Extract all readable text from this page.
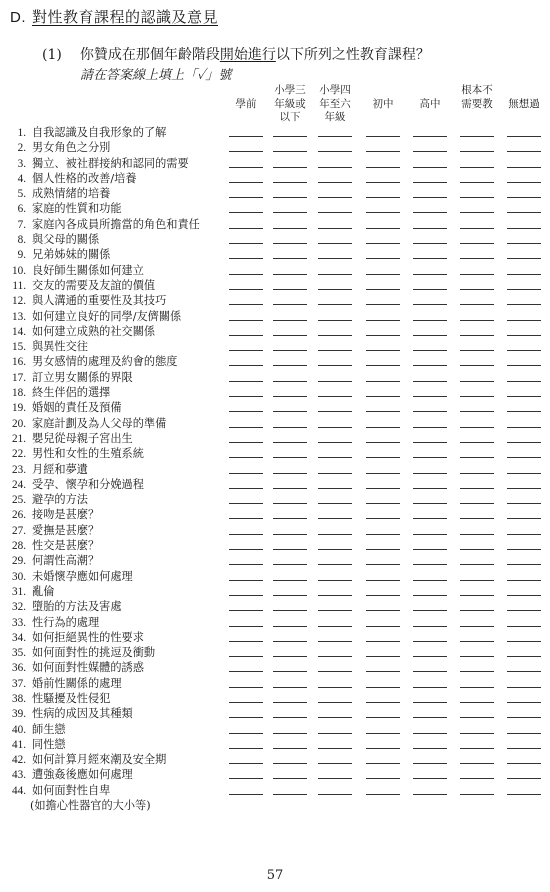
D. 對性教育課程的認識及意見
(1) 你贊成在那個年齡階段開始進行以下所列之性教育課程？
請在答案線上填上「✓」號

學前

小學三
年級或
以下
小學四
年至六
年級

初中

	高中

根本不
需要教

	無想過

1. 自我認識及自我形象的了解
2. 男女角色之分別
3. 獨立、被社群接納和認同的需要
4. 個人性格的改善/培養
5. 成熟情緒的培養
6. 家庭的性質和功能
7. 家庭內各成員所擔當的角色和責任
8. 與父母的關係
9. 兄弟姊妹的關係
10. 良好師生關係如何建立
11. 交友的需要及友誼的價值
12. 與人溝通的重要性及其技巧
13. 如何建立良好的同學/友儕關係
14. 如何建立成熟的社交關係
15. 與異性交往
16. 男女感情的處理及約會的態度
17. 訂立男女關係的界限
18. 終生伴侶的選擇
19. 婚姻的責任及預備
20. 家庭計劃及為人父母的準備
21. 嬰兒從母親子宮出生
22. 男性和女性的生殖系統
23. 月經和夢遺
24. 受孕、懷孕和分娩過程
25. 避孕的方法
26. 接吻是甚麼？
27. 愛撫是甚麼？
28. 性交是甚麼？
29. 何謂性高潮？
30. 未婚懷孕應如何處理
31. 亂倫
32. 墮胎的方法及害處
33. 性行為的處理
34. 如何拒絕異性的性要求
35. 如何面對性的挑逗及衝動
36. 如何面對性媒體的誘惑
37. 婚前性關係的處理
38. 性騷擾及性侵犯
39. 性病的成因及其種類
40. 師生戀
41. 同性戀
42. 如何計算月經來潮及安全期
43. 遭強姦後應如何處理
44. 如何面對性自卑
(如擔心性器官的大小等)
57
